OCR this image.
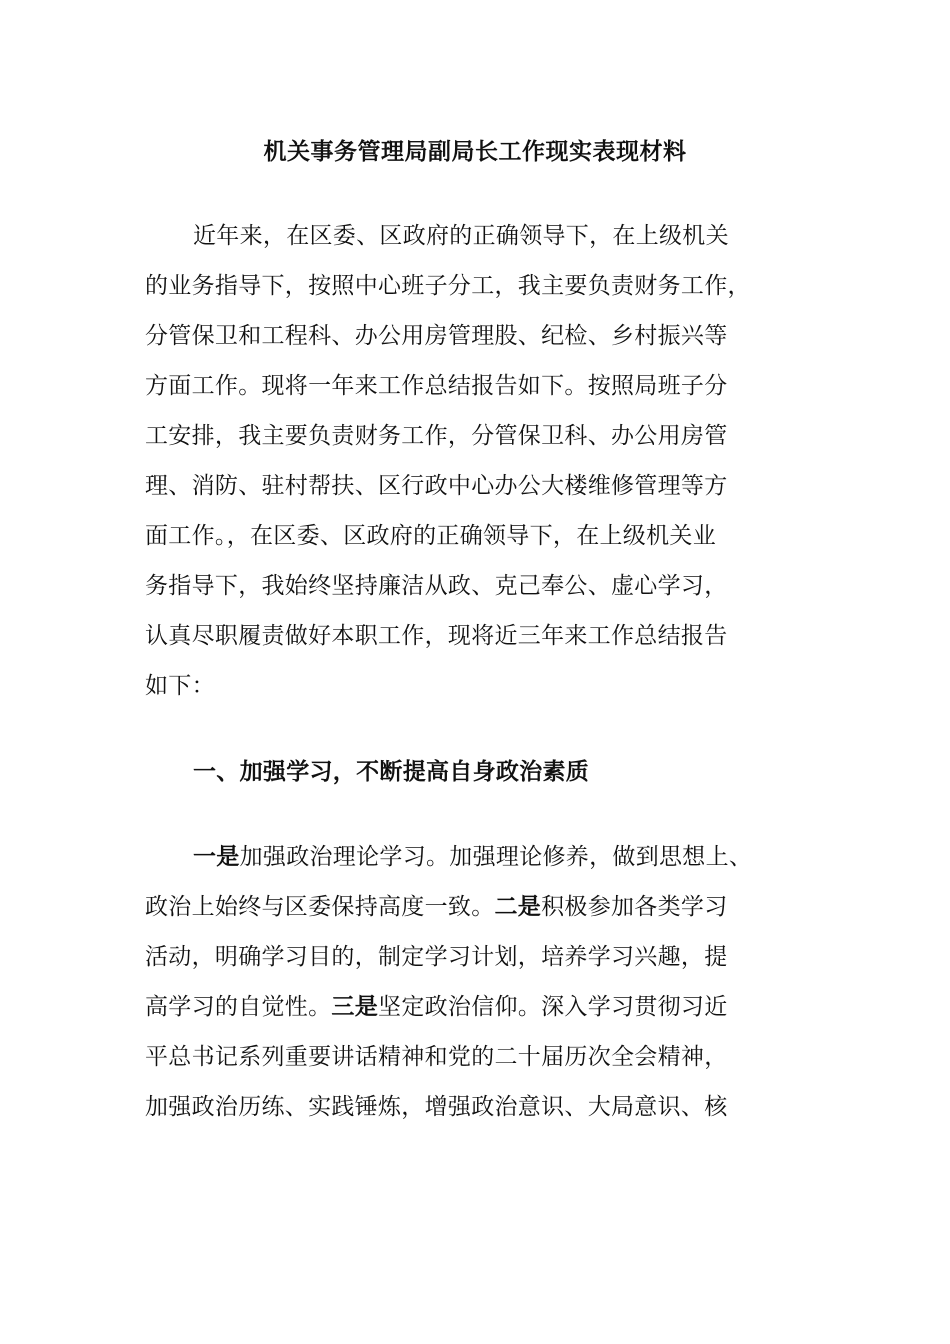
机关事务管理局副局长工作现实表现材料
近年来，在区委、区政府的正确领导下，在上级机关
的业务指导下，按照中心班子分工，我主要负责财务工作，
分管保卫和工程科、办公用房管理股、纪检、乡村振兴等
方面工作。现将一年来工作总结报告如下。按照局班子分
工安排，我主要负责财务工作，分管保卫科、办公用房管
理、消防、驻村帮扶、区行政中心办公大楼维修管理等方
面工作。，在区委、区政府的正确领导下，在上级机关业
务指导下，我始终坚持廉洁从政、克己奉公、虚心学习，
认真尽职履责做好本职工作，现将近三年来工作总结报告
如下：
一、加强学习，不断提高自身政治素质
一是加强政治理论学习。加强理论修养，做到思想上、
政治上始终与区委保持高度一致。二是积极参加各类学习
活动，明确学习目的，制定学习计划，培养学习兴趣，提
高学习的自觉性。三是坚定政治信仰。深入学习贯彻习近
平总书记系列重要讲话精神和党的二十届历次全会精神，
加强政治历练、实践锤炼，增强政治意识、大局意识、核
